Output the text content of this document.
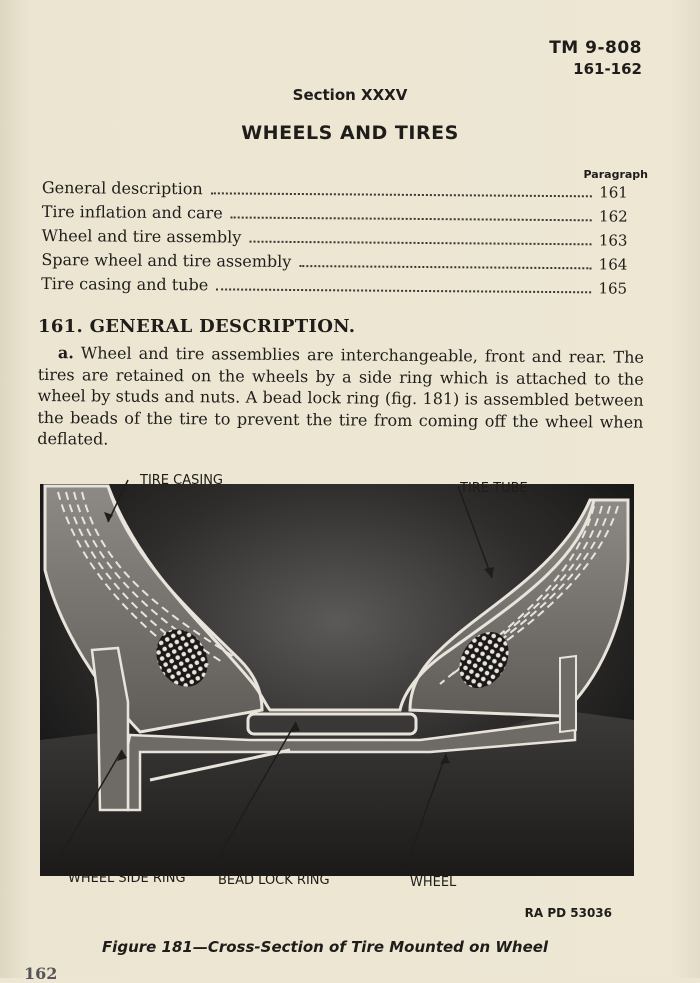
TM 9-808
161-162
Section XXXV
WHEELS AND TIRES
Paragraph
General description	161
Tire inflation and care	162
Wheel and tire assembly	163
Spare wheel and tire assembly	164
Tire casing and tube	165
161. GENERAL DESCRIPTION.
a. Wheel and tire assemblies are interchangeable, front and rear. The tires are retained on the wheels by a side ring which is attached to the wheel by studs and nuts. A bead lock ring (fig. 181) is assembled between the beads of the tire to prevent the tire from coming off the wheel when deflated.
TIRE CASING
TIRE TUBE
WHEEL SIDE RING BEAD LOCK RING	WHEEL
RA PD 53036
Figure 181—Cross-Section of Tire Mounted on Wheel
162
